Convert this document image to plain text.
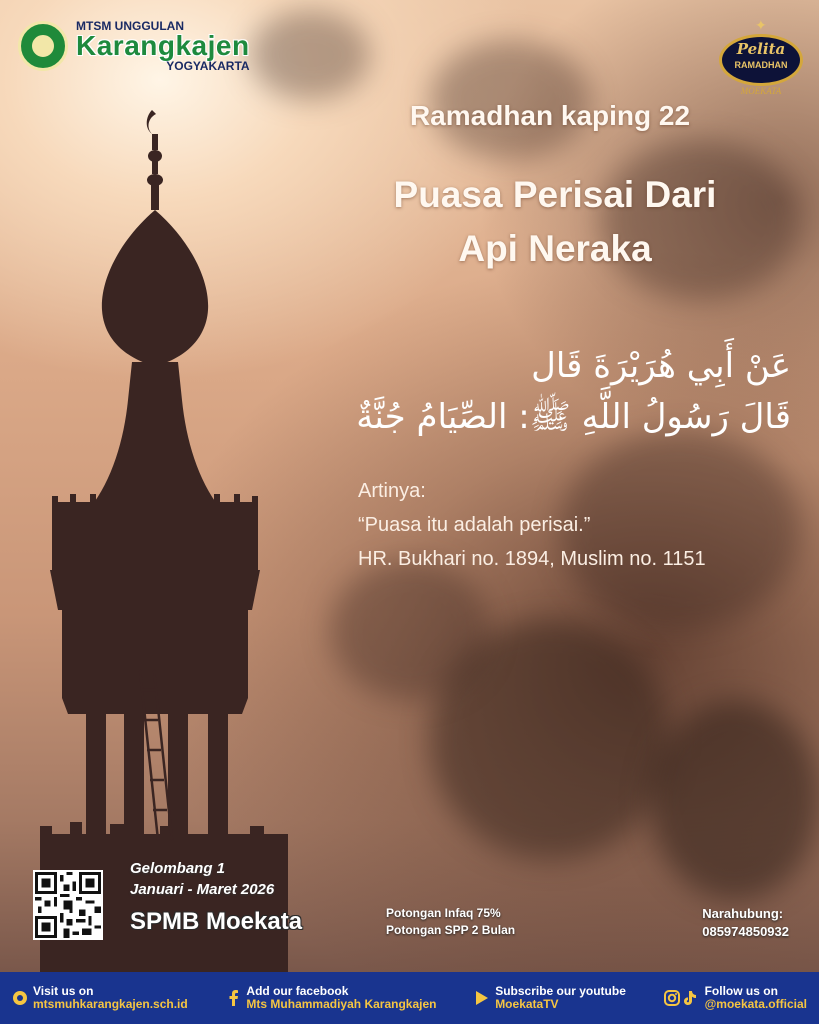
MTSM UNGGULAN
Karangkajen
YOGYAKARTA
✦
Pelita
RAMADHAN
MOEKATA
Ramadhan kaping 22
Puasa Perisai Dari
Api Neraka
عَنْ أَبِي هُرَيْرَةَ قَال
قَالَ رَسُولُ اللَّهِ ﷺ: الصِّيَامُ جُنَّةٌ
Artinya:
“Puasa itu adalah perisai.”
HR. Bukhari no. 1894, Muslim no. 1151
Gelombang 1
Januari - Maret 2026
SPMB Moekata	Potongan Infaq 75%
Potongan SPP 2 Bulan
Narahubung:
085974850932
Visit us on
mtsmuhkarangkajen.sch.id
Add our facebook
Mts Muhammadiyah Karangkajen
Subscribe our youtube
MoekataTV
Follow us on
@moekata.official
